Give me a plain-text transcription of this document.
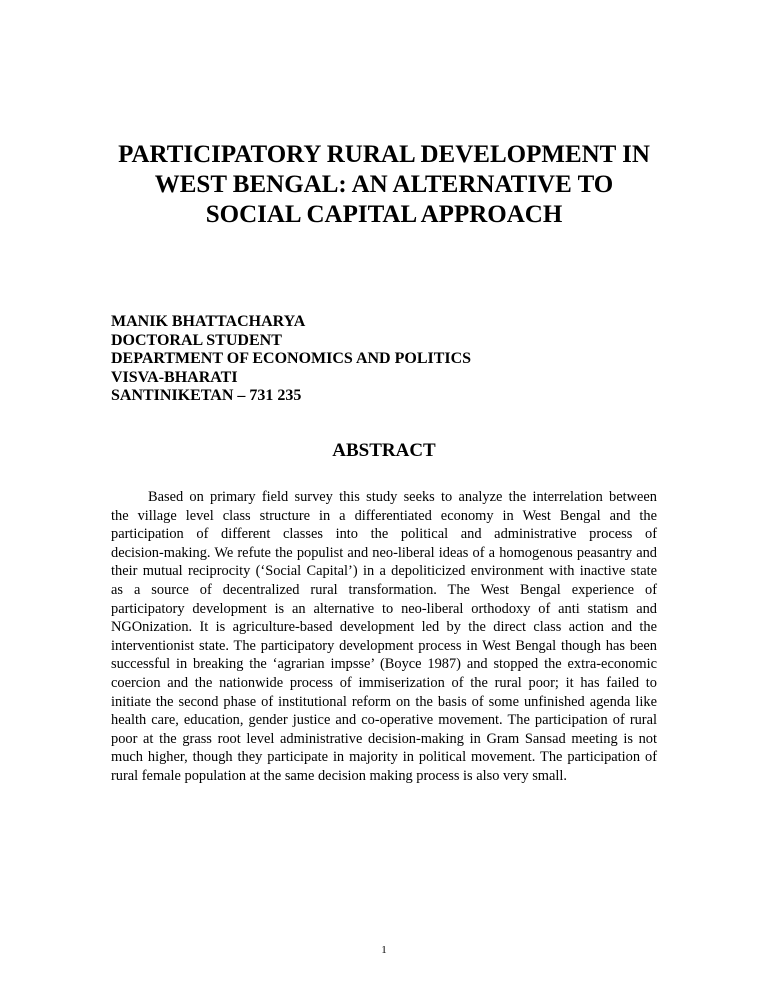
PARTICIPATORY RURAL DEVELOPMENT IN
WEST BENGAL: AN ALTERNATIVE TO
SOCIAL CAPITAL APPROACH
MANIK BHATTACHARYA
DOCTORAL STUDENT
DEPARTMENT OF ECONOMICS AND POLITICS
VISVA-BHARATI
SANTINIKETAN – 731 235
ABSTRACT
Based on primary field survey this study seeks to analyze the interrelation between
the village level class structure in a differentiated economy in West Bengal and the
participation of different classes into the political and administrative process of
decision-making. We refute the populist and neo-liberal ideas of a homogenous peasantry and
their mutual reciprocity (‘Social Capital’) in a depoliticized environment with inactive state
as a source of decentralized rural transformation. The West Bengal experience of
participatory development is an alternative to neo-liberal orthodoxy of anti statism and
NGOnization. It is agriculture-based development led by the direct class action and the
interventionist state. The participatory development process in West Bengal though has been
successful in breaking the ‘agrarian impsse’ (Boyce 1987) and stopped the extra-economic
coercion and the nationwide process of immiserization of the rural poor; it has failed to
initiate the second phase of institutional reform on the basis of some unfinished agenda like
health care, education, gender justice and co-operative movement. The participation of rural
poor at the grass root level administrative decision-making in Gram Sansad meeting is not
much higher, though they participate in majority in political movement. The participation of
rural female population at the same decision making process is also very small.
1
